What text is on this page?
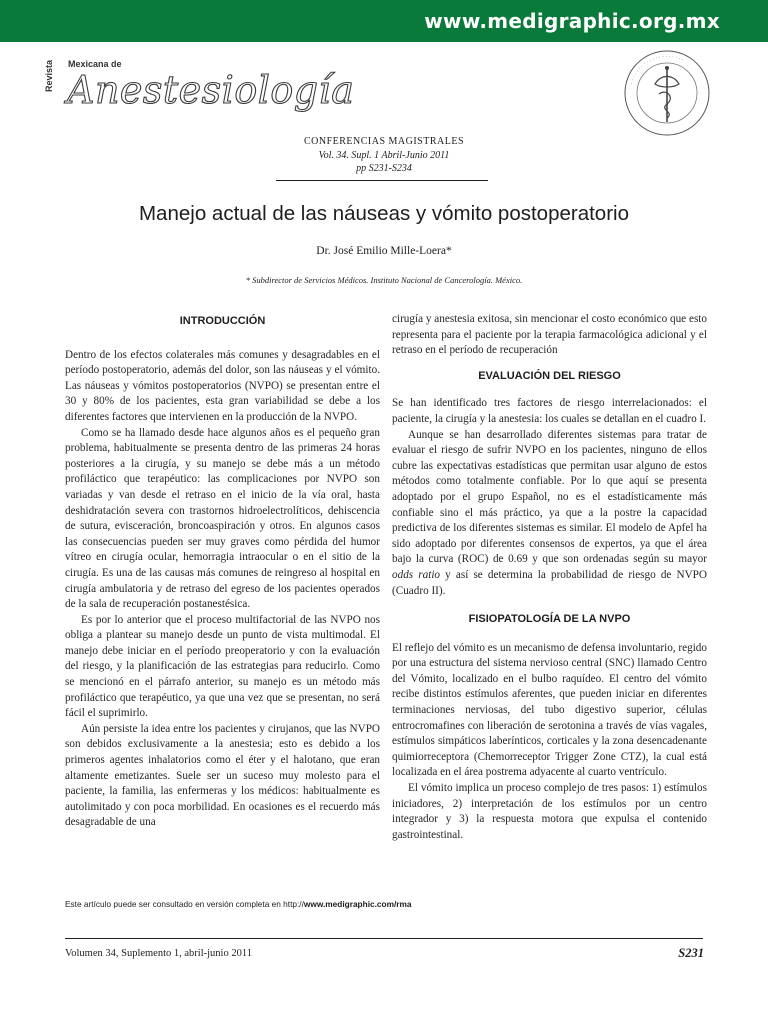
www.medigraphic.org.mx
Mexicana de
Revista Anestesiología	· · · · · · · · · · · · · · · · · · · ·
CONFERENCIAS MAGISTRALES
Vol. 34. Supl. 1 Abril-Junio 2011
pp S231-S234
Manejo actual de las náuseas y vómito postoperatorio
Dr. José Emilio Mille-Loera*
* Subdirector de Servicios Médicos. Instituto Nacional de Cancerología. México.
INTRODUCCIÓN

Dentro de los efectos colaterales más comunes y desagradables en el período postoperatorio, además del dolor, son las náuseas y el vómito. Las náuseas y vómitos postoperatorios (NVPO) se presentan entre el 30 y 80% de los pacientes, esta gran variabilidad se debe a los diferentes factores que intervienen en la producción de la NVPO.

Como se ha llamado desde hace algunos años es el pequeño gran problema, habitualmente se presenta dentro de las primeras 24 horas posteriores a la cirugía, y su manejo se debe más a un método profiláctico que terapéutico: las complicaciones por NVPO son variadas y van desde el retraso en el inicio de la vía oral, hasta deshidratación severa con trastornos hidroelectrolíticos, dehiscencia de sutura, evisceración, broncoaspiración y otros. En algunos casos las consecuencias pueden ser muy graves como pérdida del humor vítreo en cirugía ocular, hemorragia intraocular o en el sitio de la cirugía. Es una de las causas más comunes de reingreso al hospital en cirugía ambulatoria y de retraso del egreso de los pacientes operados de la sala de recuperación postanestésica.

Es por lo anterior que el proceso multifactorial de las NVPO nos obliga a plantear su manejo desde un punto de vista multimodal. El manejo debe iniciar en el período preoperatorio y con la evaluación del riesgo, y la planificación de las estrategias para reducirlo. Como se mencionó en el párrafo anterior, su manejo es un método más profiláctico que terapéutico, ya que una vez que se presentan, no será fácil el suprimirlo.

Aún persiste la idea entre los pacientes y cirujanos, que las NVPO son debidos exclusivamente a la anestesia; esto es debido a los primeros agentes inhalatorios como el éter y el halotano, que eran altamente emetizantes. Suele ser un suceso muy molesto para el paciente, la familia, las enfermeras y los médicos: habitualmente es autolimitado y con poca morbilidad. En ocasiones es el recuerdo más desagradable de una

cirugía y anestesia exitosa, sin mencionar el costo económico que esto representa para el paciente por la terapia farmacológica adicional y el retraso en el período de recuperación

EVALUACIÓN DEL RIESGO

Se han identificado tres factores de riesgo interrelacionados: el paciente, la cirugía y la anestesia: los cuales se detallan en el cuadro I.

Aunque se han desarrollado diferentes sistemas para tratar de evaluar el riesgo de sufrir NVPO en los pacientes, ninguno de ellos cubre las expectativas estadísticas que permitan usar alguno de estos métodos como totalmente confiable. Por lo que aquí se presenta adoptado por el grupo Español, no es el estadísticamente más confiable sino el más práctico, ya que a la postre la capacidad predictiva de los diferentes sistemas es similar. El modelo de Apfel ha sido adoptado por diferentes consensos de expertos, ya que el área bajo la curva (ROC) de 0.69 y que son ordenadas según su mayor odds ratio y así se determina la probabilidad de riesgo de NVPO (Cuadro II).

FISIOPATOLOGÍA DE LA NVPO

El reflejo del vómito es un mecanismo de defensa involuntario, regido por una estructura del sistema nervioso central (SNC) llamado Centro del Vómito, localizado en el bulbo raquídeo. El centro del vómito recibe distintos estímulos aferentes, que pueden iniciar en diferentes terminaciones nerviosas, del tubo digestivo superior, células entrocromafines con liberación de serotonina a través de vías vagales, estímulos simpáticos laberínticos, corticales y la zona desencadenante quimiorreceptora (Chemorreceptor Trigger Zone CTZ), la cual está localizada en el área postrema adyacente al cuarto ventrículo.

El vómito implica un proceso complejo de tres pasos: 1) estímulos iniciadores, 2) interpretación de los estímulos por un centro integrador y 3) la respuesta motora que expulsa el contenido gastrointestinal.

Este artículo puede ser consultado en versión completa en http://www.medigraphic.com/rma
Volumen 34, Suplemento 1, abril-junio 2011	S231
